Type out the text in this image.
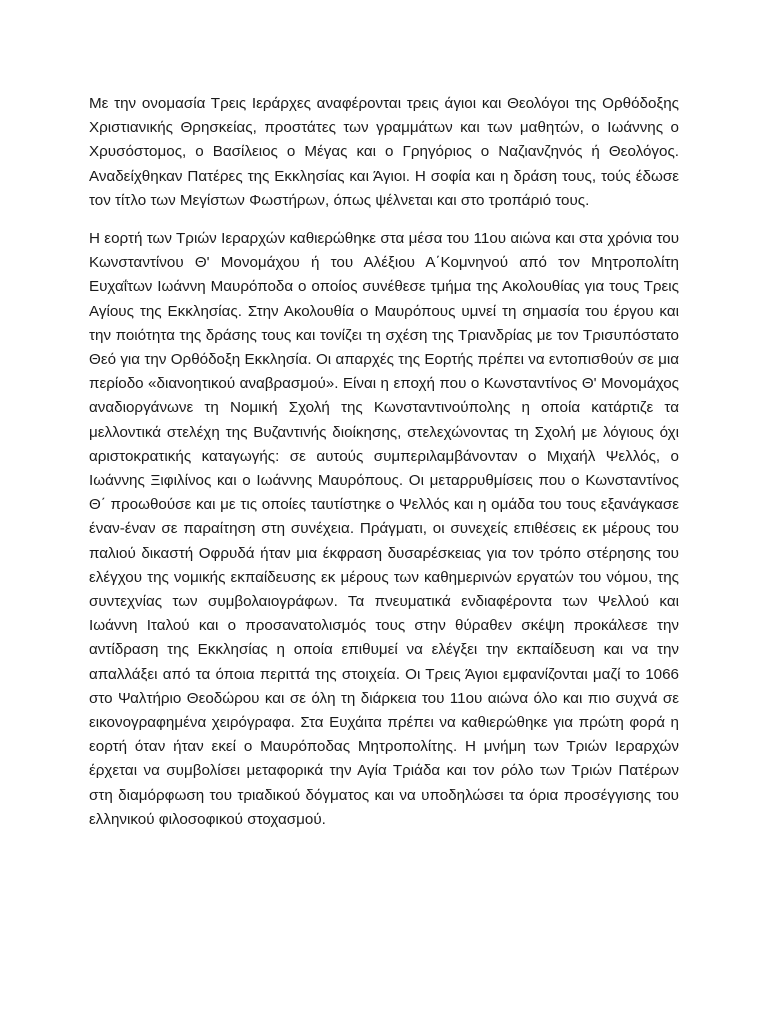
Με την ονομασία Τρεις Ιεράρχες αναφέρονται τρεις άγιοι και Θεολόγοι της Ορθόδοξης Χριστιανικής Θρησκείας, προστάτες των γραμμάτων και των μαθητών, ο Ιωάννης ο Χρυσόστομος, ο Βασίλειος ο Μέγας και ο Γρηγόριος ο Ναζιανζηνός ή Θεολόγος. Αναδείχθηκαν Πατέρες της Εκκλησίας και Άγιοι. Η σοφία και η δράση τους, τούς έδωσε τον τίτλο των Μεγίστων Φωστήρων, όπως ψέλνεται και στο τροπάριό τους.

Η εορτή των Τριών Ιεραρχών καθιερώθηκε στα μέσα του 11ου αιώνα και στα χρόνια του Κωνσταντίνου Θ' Μονομάχου ή του Αλέξιου Α΄Κομνηνού από τον Μητροπολίτη Ευχαΐτων Ιωάννη Μαυρόποδα ο οποίος συνέθεσε τμήμα της Ακολουθίας για τους Τρεις Αγίους της Εκκλησίας. Στην Ακολουθία ο Μαυρόπους υμνεί τη σημασία του έργου και την ποιότητα της δράσης τους και τονίζει τη σχέση της Τριανδρίας με τον Τρισυπόστατο Θεό για την Ορθόδοξη Εκκλησία. Οι απαρχές της Εορτής πρέπει να εντοπισθούν σε μια περίοδο «διανοητικού αναβρασμού». Είναι η εποχή που ο Κωνσταντίνος Θ' Μονομάχος αναδιοργάνωνε τη Νομική Σχολή της Κωνσταντινούπολης η οποία κατάρτιζε τα μελλοντικά στελέχη της Βυζαντινής διοίκησης, στελεχώνοντας τη Σχολή με λόγιους όχι αριστοκρατικής καταγωγής: σε αυτούς συμπεριλαμβάνονταν ο Μιχαήλ Ψελλός, ο Ιωάννης Ξιφιλίνος και ο Ιωάννης Μαυρόπους. Οι μεταρρυθμίσεις που ο Κωνσταντίνος Θ΄ προωθούσε και με τις οποίες ταυτίστηκε ο Ψελλός και η ομάδα του τους εξανάγκασε έναν-έναν σε παραίτηση στη συνέχεια. Πράγματι, οι συνεχείς επιθέσεις εκ μέρους του παλιού δικαστή Οφρυδά ήταν μια έκφραση δυσαρέσκειας για τον τρόπο στέρησης του ελέγχου της νομικής εκπαίδευσης εκ μέρους των καθημερινών εργατών του νόμου, της συντεχνίας των συμβολαιογράφων. Τα πνευματικά ενδιαφέροντα των Ψελλού και Ιωάννη Ιταλού και ο προσανατολισμός τους στην θύραθεν σκέψη προκάλεσε την αντίδραση της Εκκλησίας η οποία επιθυμεί να ελέγξει την εκπαίδευση και να την απαλλάξει από τα όποια περιττά της στοιχεία. Οι Τρεις Άγιοι εμφανίζονται μαζί το 1066 στο Ψαλτήριο Θεοδώρου και σε όλη τη διάρκεια του 11ου αιώνα όλο και πιο συχνά σε εικονογραφημένα χειρόγραφα. Στα Ευχάιτα πρέπει να καθιερώθηκε για πρώτη φορά η εορτή όταν ήταν εκεί ο Μαυρόποδας Μητροπολίτης. Η μνήμη των Τριών Ιεραρχών έρχεται να συμβολίσει μεταφορικά την Αγία Τριάδα και τον ρόλο των Τριών Πατέρων στη διαμόρφωση του τριαδικού δόγματος και να υποδηλώσει τα όρια προσέγγισης του ελληνικού φιλοσοφικού στοχασμού.
